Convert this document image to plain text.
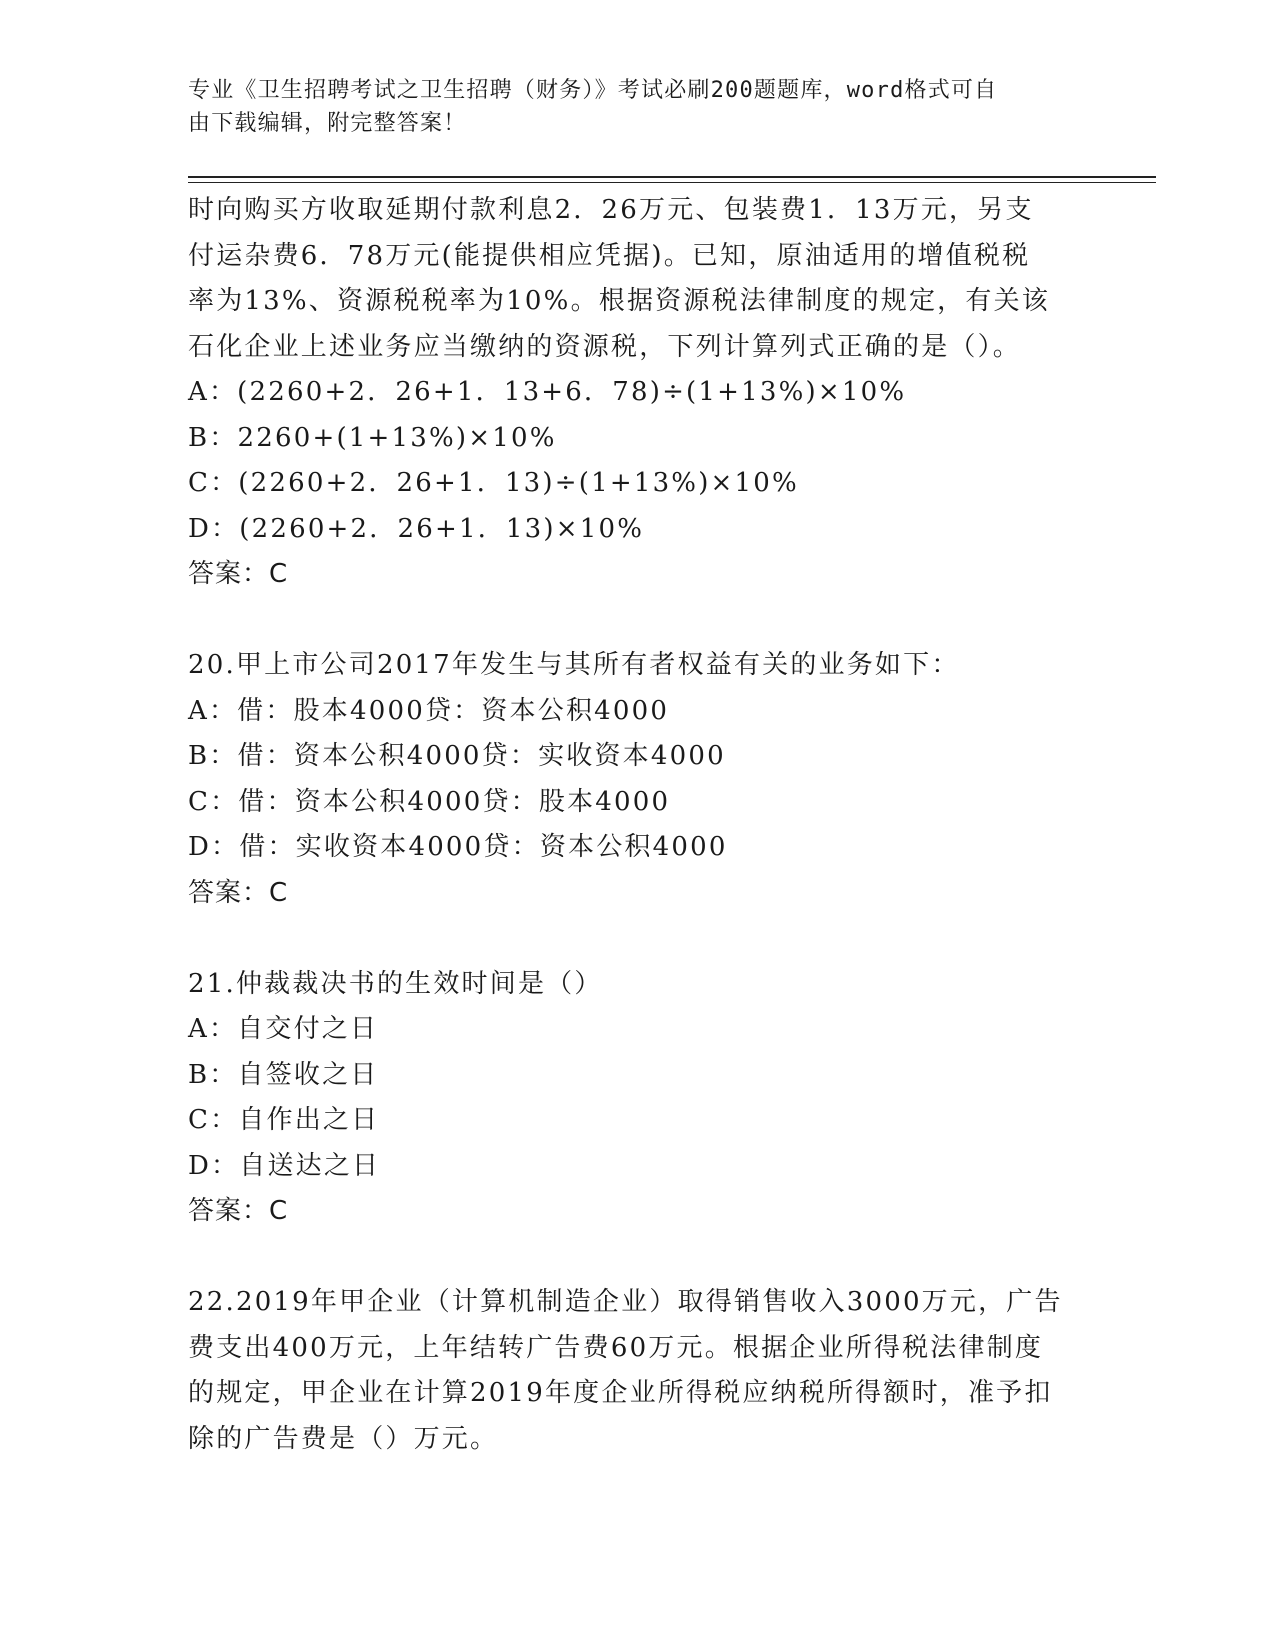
专业《卫生招聘考试之卫生招聘（财务）》考试必刷200题题库，word格式可自

由下载编辑，附完整答案！

时向购买方收取延期付款利息2．26万元、包装费1．13万元，另支

付运杂费6．78万元(能提供相应凭据)。已知，原油适用的增值税税

率为13%、资源税税率为10%。根据资源税法律制度的规定，有关该

石化企业上述业务应当缴纳的资源税，下列计算列式正确的是（）。

A：(2260+2．26+1．13+6．78)÷(1+13%)×10%

B：2260+(1+13%)×10%

C：(2260+2．26+1．13)÷(1+13%)×10%

D：(2260+2．26+1．13)×10%

答案：C

20.甲上市公司2017年发生与其所有者权益有关的业务如下：

A：借：股本4000贷：资本公积4000

B：借：资本公积4000贷：实收资本4000

C：借：资本公积4000贷：股本4000

D：借：实收资本4000贷：资本公积4000

答案：C

21.仲裁裁决书的生效时间是（）

A：自交付之日

B：自签收之日

C：自作出之日

D：自送达之日

答案：C

22.2019年甲企业（计算机制造企业）取得销售收入3000万元，广告

费支出400万元，上年结转广告费60万元。根据企业所得税法律制度

的规定，甲企业在计算2019年度企业所得税应纳税所得额时，准予扣

除的广告费是（）万元。
